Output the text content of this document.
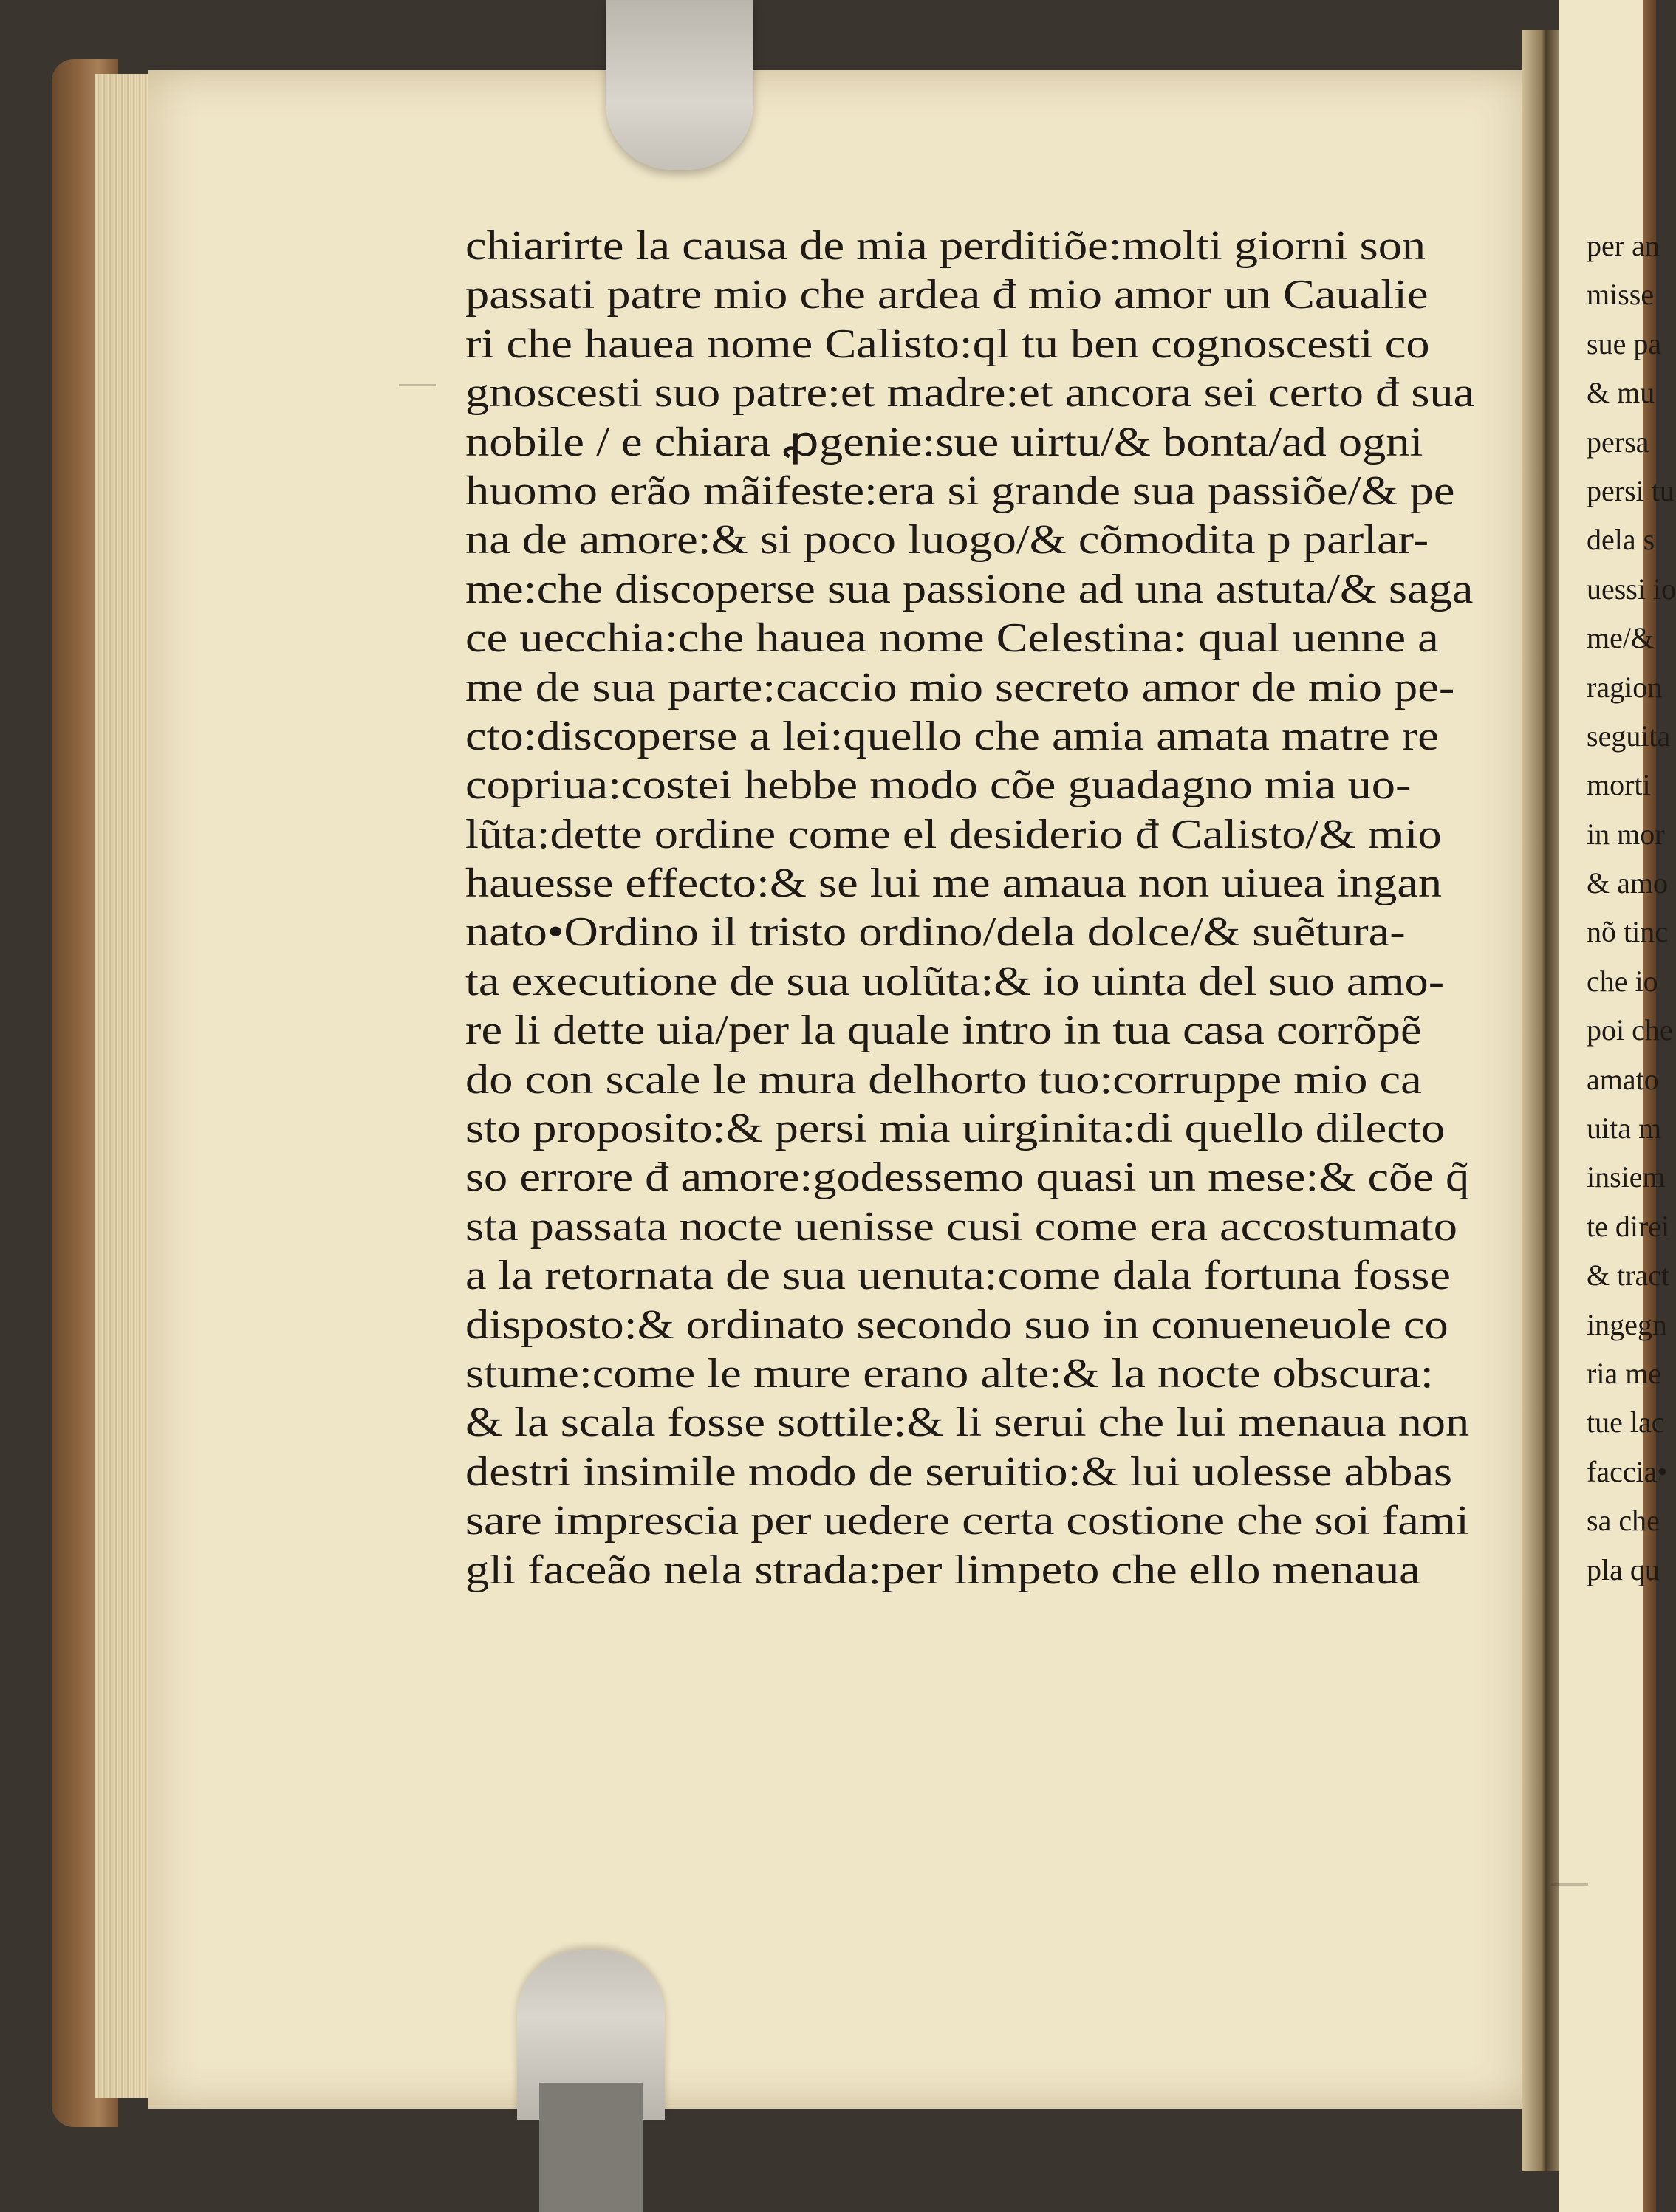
chiarirte la causa de mia perditiõe:molti giorni son
passati patre mio che ardea đ mio amor un Caualie
ri che hauea nome Calisto:ql tu ben cognoscesti co
gnoscesti suo patre:et madre:et ancora sei certo đ sua
nobile / e chiara ꝓgenie:sue uirtu/& bonta/ad ogni
huomo erão mãifeste:era si grande sua passiõe/& pe
na de amore:& si poco luogo/& cõmodita p parlar-
me:che discoperse sua passione ad una astuta/& saga
ce uecchia:che hauea nome Celestina: qual uenne a
me de sua parte:caccio mio secreto amor de mio pe-
cto:discoperse a lei:quello che amia amata matre re
copriua:costei hebbe modo cõe guadagno mia uo-
lũta:dette ordine come el desiderio đ Calisto/& mio
hauesse effecto:& se lui me amaua non uiuea ingan
nato•Ordino il tristo ordino/dela dolce/& suẽtura-
ta executione de sua uolũta:& io uinta del suo amo-
re li dette uia/per la quale intro in tua casa corrõpẽ
do con scale le mura delhorto tuo:corruppe mio ca
sto proposito:& persi mia uirginita:di quello dilecto
so errore đ amore:godessemo quasi un mese:& cõe q̃
sta passata nocte uenisse cusi come era accostumato
a la retornata de sua uenuta:come dala fortuna fosse
disposto:& ordinato secondo suo in conueneuole co
stume:come le mure erano alte:& la nocte obscura:
& la scala fosse sottile:& li serui che lui menaua non
destri insimile modo de seruitio:& lui uolesse abbas
sare imprescia per uedere certa costione che soi fami
gli faceão nela strada:per limpeto che ello menaua
per an
misse
sue pa
& mu
persa
persi tu
dela s
uessi io
me/&
ragion
seguita
morti
in mor
& amo
nõ tinc
che io
poi che
amato
uita m
insiem
te direi
& tract
ingegn
ria me
tue lac
faccia•
sa che
pla qu
